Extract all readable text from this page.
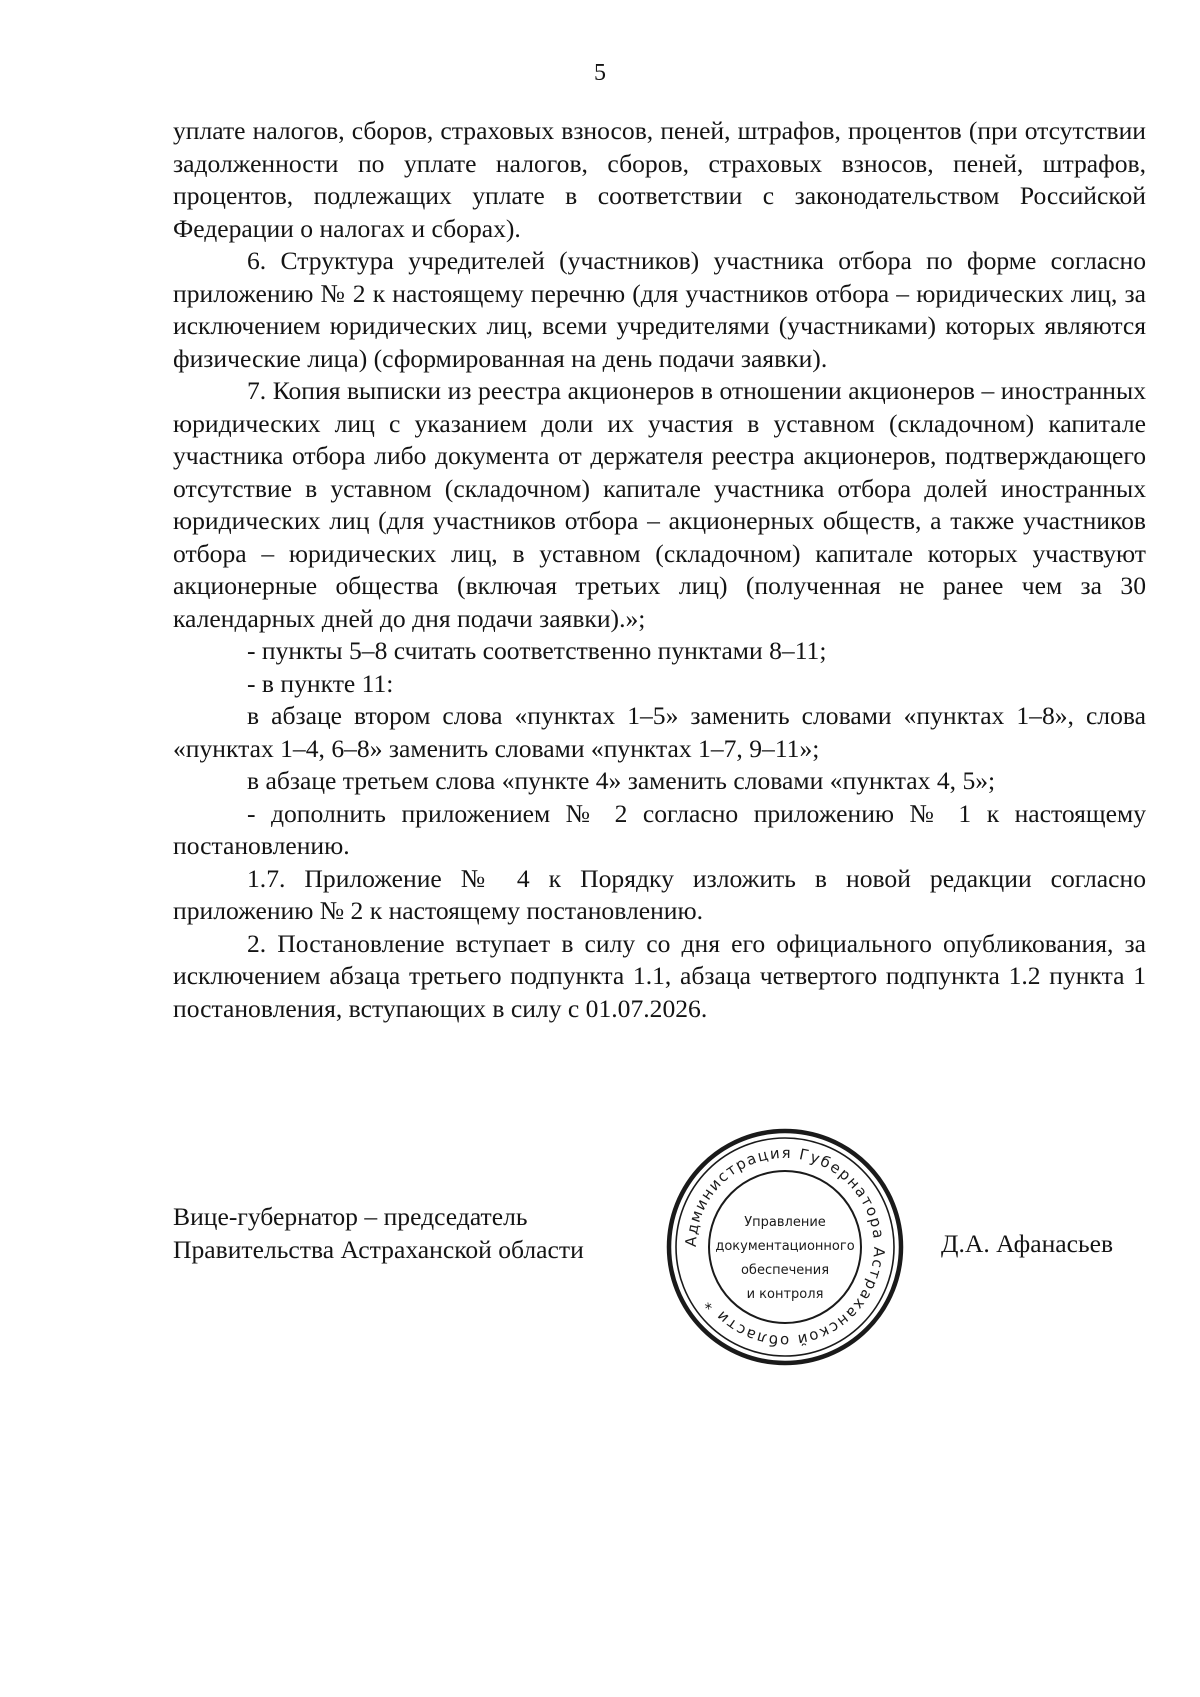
5

уплате налогов, сборов, страховых взносов, пеней, штрафов, процентов (при отсутствии задолженности по уплате налогов, сборов, страховых взносов, пеней, штрафов, процентов, подлежащих уплате в соответствии с законодательством Российской Федерации о налогах и сборах).

6. Структура учредителей (участников) участника отбора по форме согласно приложению № 2 к настоящему перечню (для участников отбора – юридических лиц, за исключением юридических лиц, всеми учредителями (участниками) которых являются физические лица) (сформированная на день подачи заявки).

7. Копия выписки из реестра акционеров в отношении акционеров – иностранных юридических лиц с указанием доли их участия в уставном (складочном) капитале участника отбора либо документа от держателя реестра акционеров, подтверждающего отсутствие в уставном (складочном) капитале участника отбора долей иностранных юридических лиц (для участников отбора – акционерных обществ, а также участников отбора – юридических лиц, в уставном (складочном) капитале которых участвуют акционерные общества (включая третьих лиц) (полученная не ранее чем за 30 календарных дней до дня подачи заявки).»;

- пункты 5–8 считать соответственно пунктами 8–11;

- в пункте 11:

в абзаце втором слова «пунктах 1–5» заменить словами «пунктах 1–8», слова «пунктах 1–4, 6–8» заменить словами «пунктах 1–7, 9–11»;

в абзаце третьем слова «пункте 4» заменить словами «пунктах 4, 5»;

- дополнить приложением № 2 согласно приложению № 1 к настоящему постановлению.

1.7. Приложение № 4 к Порядку изложить в новой редакции согласно приложению № 2 к настоящему постановлению.

2. Постановление вступает в силу со дня его официального опубликования, за исключением абзаца третьего подпункта 1.1, абзаца четвертого подпункта 1.2 пункта 1 постановления, вступающих в силу с 01.07.2026.

Вице-губернатор – председатель
Правительства Астраханской области	Администрация Губернатора Астраханской области *
Управление
документационного
обеспечения
и контроля
Д.А. Афанасьев
